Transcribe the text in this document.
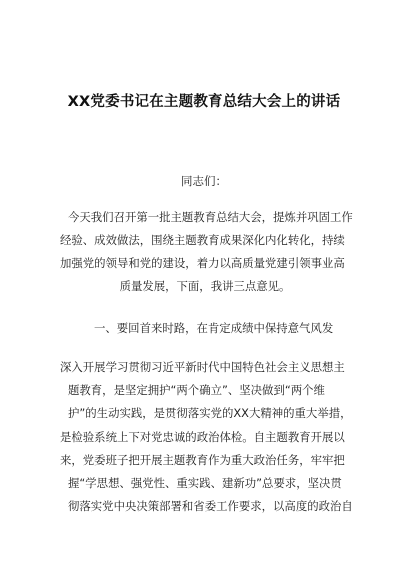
XX党委书记在主题教育总结大会上的讲话
同志们：
今天我们召开第一批主题教育总结大会，提炼并巩固工作
经验、成效做法，围绕主题教育成果深化内化转化，持续
加强党的领导和党的建设，着力以高质量党建引领事业高
质量发展，下面，我讲三点意见。
一、要回首来时路，在肯定成绩中保持意气风发
深入开展学习贯彻习近平新时代中国特色社会主义思想主
题教育，是坚定拥护“两个确立”、坚决做到“两个维
护”的生动实践，是贯彻落实党的XX大精神的重大举措，
是检验系统上下对党忠诚的政治体检。自主题教育开展以
来，党委班子把开展主题教育作为重大政治任务，牢牢把
握“学思想、强党性、重实践、建新功”总要求，坚决贯
彻落实党中央决策部署和省委工作要求，以高度的政治自
